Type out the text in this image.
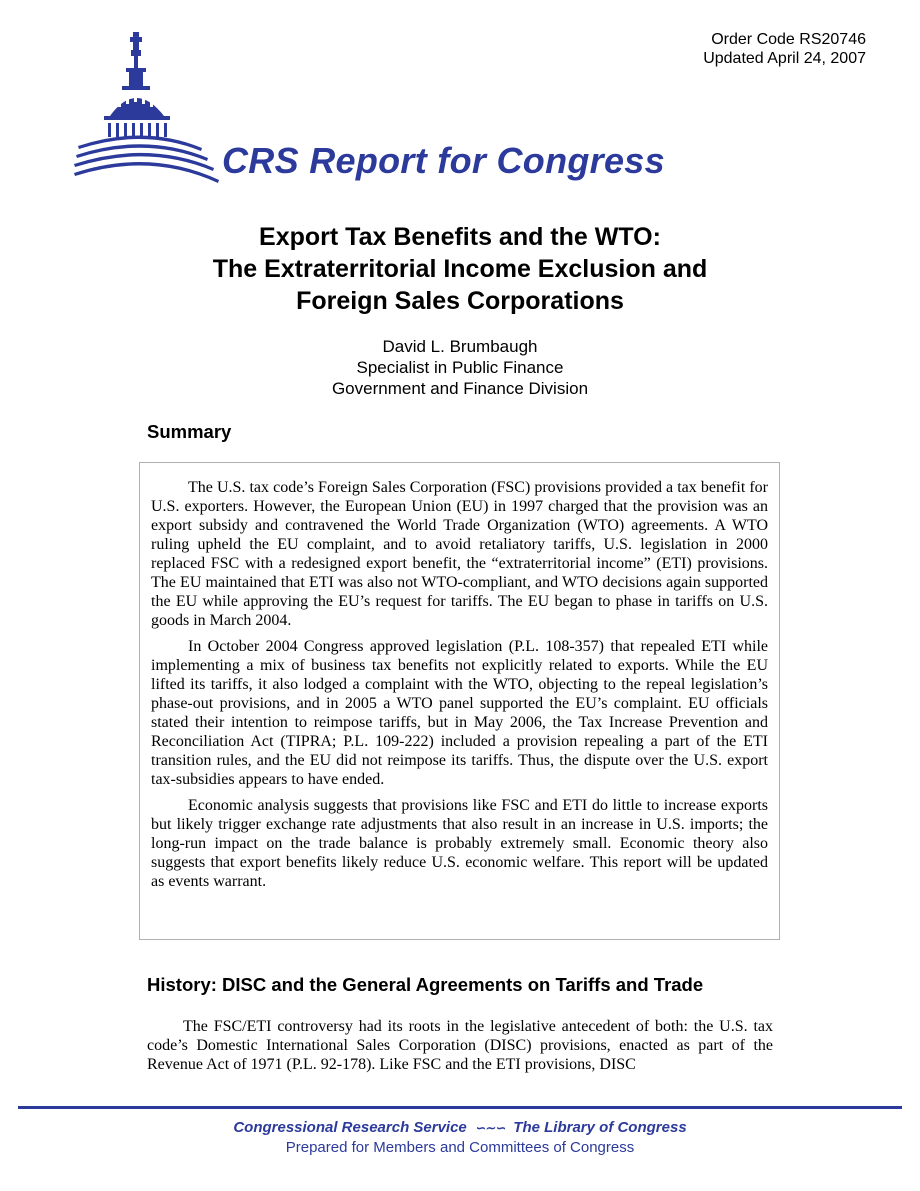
Order Code RS20746
Updated April 24, 2007
CRS Report for Congress
Export Tax Benefits and the WTO:
The Extraterritorial Income Exclusion and
Foreign Sales Corporations
David L. Brumbaugh
Specialist in Public Finance
Government and Finance Division
Summary

The U.S. tax code’s Foreign Sales Corporation (FSC) provisions provided a tax benefit for U.S. exporters. However, the European Union (EU) in 1997 charged that the provision was an export subsidy and contravened the World Trade Organization (WTO) agreements. A WTO ruling upheld the EU complaint, and to avoid retaliatory tariffs, U.S. legislation in 2000 replaced FSC with a redesigned export benefit, the “extraterritorial income” (ETI) provisions. The EU maintained that ETI was also not WTO-compliant, and WTO decisions again supported the EU while approving the EU’s request for tariffs. The EU began to phase in tariffs on U.S. goods in March 2004.

In October 2004 Congress approved legislation (P.L. 108-357) that repealed ETI while implementing a mix of business tax benefits not explicitly related to exports. While the EU lifted its tariffs, it also lodged a complaint with the WTO, objecting to the repeal legislation’s phase-out provisions, and in 2005 a WTO panel supported the EU’s complaint. EU officials stated their intention to reimpose tariffs, but in May 2006, the Tax Increase Prevention and Reconciliation Act (TIPRA; P.L. 109-222) included a provision repealing a part of the ETI transition rules, and the EU did not reimpose its tariffs. Thus, the dispute over the U.S. export tax-subsidies appears to have ended.

Economic analysis suggests that provisions like FSC and ETI do little to increase exports but likely trigger exchange rate adjustments that also result in an increase in U.S. imports; the long-run impact on the trade balance is probably extremely small. Economic theory also suggests that export benefits likely reduce U.S. economic welfare. This report will be updated as events warrant.

History: DISC and the General Agreements on Tariffs and Trade

The FSC/ETI controversy had its roots in the legislative antecedent of both: the U.S. tax code’s Domestic International Sales Corporation (DISC) provisions, enacted as part of the Revenue Act of 1971 (P.L. 92-178). Like FSC and the ETI provisions, DISC

Congressional Research Service ∽∼∽ The Library of Congress
Prepared for Members and Committees of Congress
